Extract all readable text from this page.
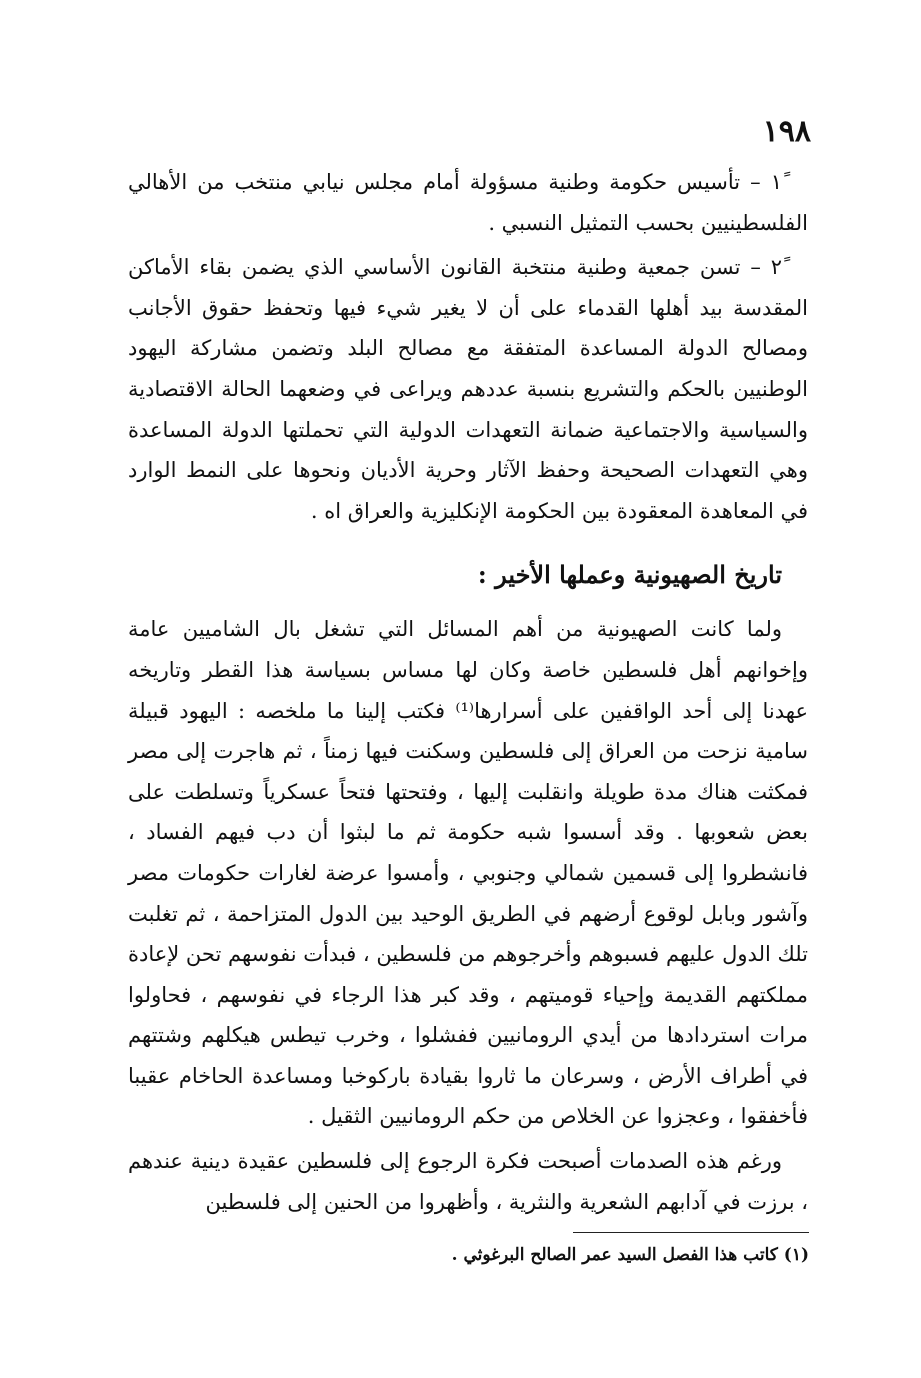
١٩٨

١ً – تأسيس حكومة وطنية مسؤولة أمام مجلس نيابي منتخب من الأهالي الفلسطينيين بحسب التمثيل النسبي .

٢ً – تسن جمعية وطنية منتخبة القانون الأساسي الذي يضمن بقاء الأماكن المقدسة بيد أهلها القدماء على أن لا يغير شيء فيها وتحفظ حقوق الأجانب ومصالح الدولة المساعدة المتفقة مع مصالح البلد وتضمن مشاركة اليهود الوطنيين بالحكم والتشريع بنسبة عددهم ويراعى في وضعهما الحالة الاقتصادية والسياسية والاجتماعية ضمانة التعهدات الدولية التي تحملتها الدولة المساعدة وهي التعهدات الصحيحة وحفظ الآثار وحرية الأديان ونحوها على النمط الوارد في المعاهدة المعقودة بين الحكومة الإنكليزية والعراق اه .

تاريخ الصهيونية وعملها الأخير :

ولما كانت الصهيونية من أهم المسائل التي تشغل بال الشاميين عامة وإخوانهم أهل فلسطين خاصة وكان لها مساس بسياسة هذا القطر وتاريخه عهدنا إلى أحد الواقفين على أسرارها⁽¹⁾ فكتب إلينا ما ملخصه : اليهود قبيلة سامية نزحت من العراق إلى فلسطين وسكنت فيها زمناً ، ثم هاجرت إلى مصر فمكثت هناك مدة طويلة وانقلبت إليها ، وفتحتها فتحاً عسكرياً وتسلطت على بعض شعوبها . وقد أسسوا شبه حكومة ثم ما لبثوا أن دب فيهم الفساد ، فانشطروا إلى قسمين شمالي وجنوبي ، وأمسوا عرضة لغارات حكومات مصر وآشور وبابل لوقوع أرضهم في الطريق الوحيد بين الدول المتزاحمة ، ثم تغلبت تلك الدول عليهم فسبوهم وأخرجوهم من فلسطين ، فبدأت نفوسهم تحن لإعادة مملكتهم القديمة وإحياء قوميتهم ، وقد كبر هذا الرجاء في نفوسهم ، فحاولوا مرات استردادها من أيدي الرومانيين ففشلوا ، وخرب تيطس هيكلهم وشتتهم في أطراف الأرض ، وسرعان ما ثاروا بقيادة باركوخبا ومساعدة الحاخام عقيبا فأخفقوا ، وعجزوا عن الخلاص من حكم الرومانيين الثقيل .

ورغم هذه الصدمات أصبحت فكرة الرجوع إلى فلسطين عقيدة دينية عندهم ، برزت في آدابهم الشعرية والنثرية ، وأظهروا من الحنين إلى فلسطين

(١) كاتب هذا الفصل السيد عمر الصالح البرغوثي .
